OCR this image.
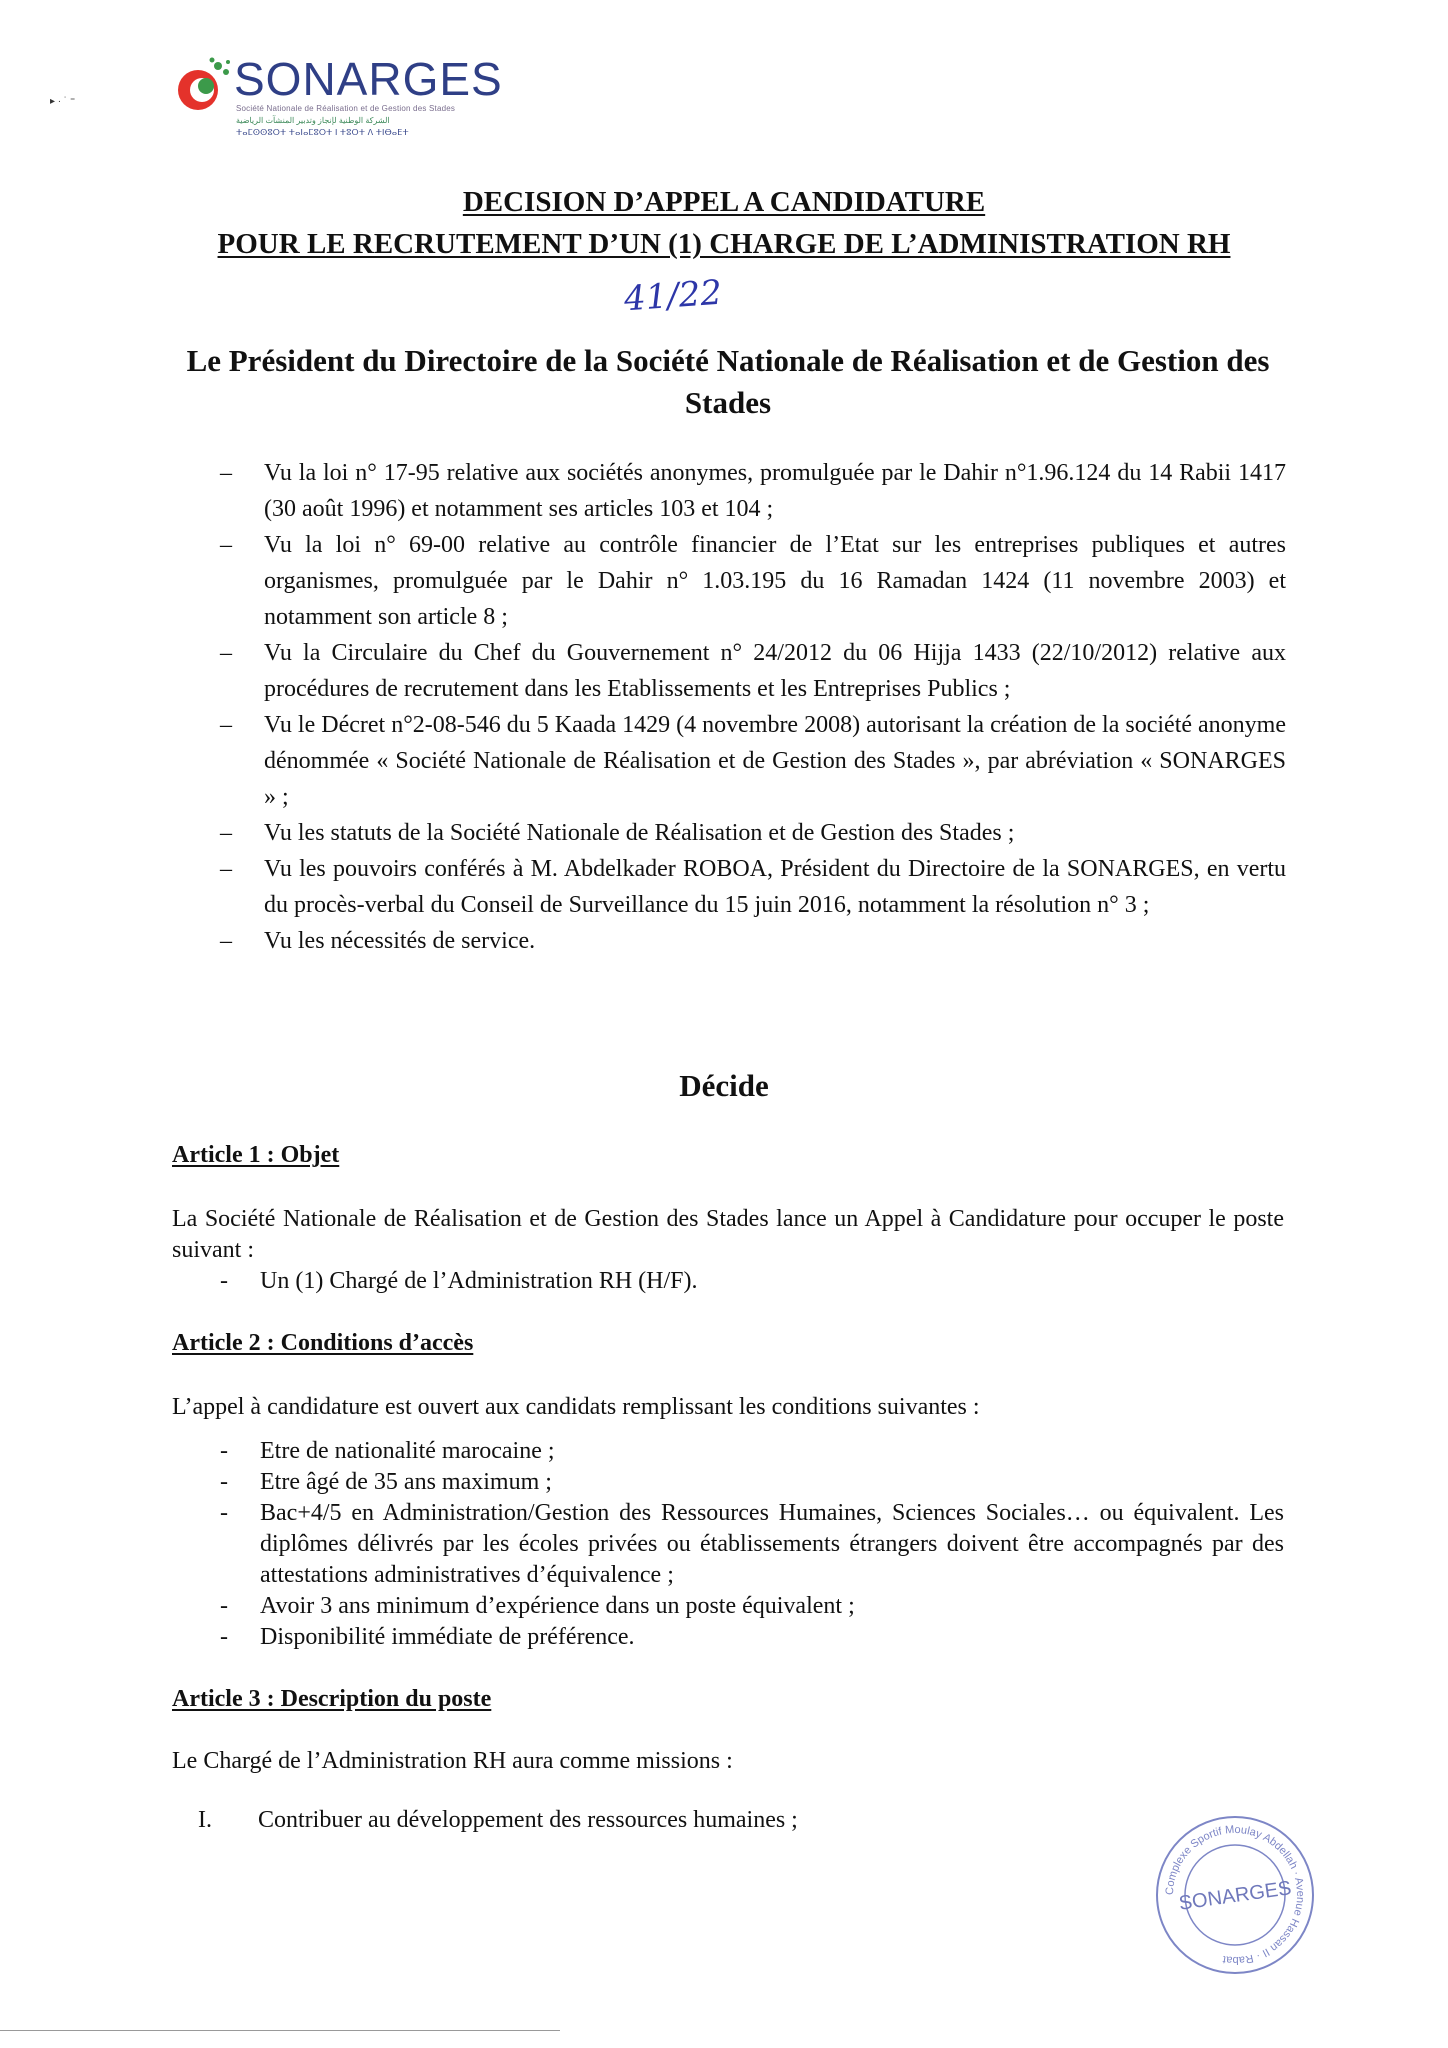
SONARGES
Société Nationale de Réalisation et de Gestion des Stades
الشركة الوطنية لإنجاز وتدبير المنشآت الرياضية
ⵜⴰⵎⵙⵙⵓⵔⵜ ⵜⴰⵏⴰⵎⵓⵔⵜ ⵏ ⵜⵓⵔⵜ ⴷ ⵜⵏⴱⴰⴹⵜ
▸ · ˙ ⁼
DECISION D’APPEL A CANDIDATURE
POUR LE RECRUTEMENT D’UN (1) CHARGE DE L’ADMINISTRATION RH
41/22
Le Président du Directoire de la Société Nationale de Réalisation et de Gestion des Stades
– Vu la loi n° 17-95 relative aux sociétés anonymes, promulguée par le Dahir n°1.96.124 du 14 Rabii 1417 (30 août 1996) et notamment ses articles 103 et 104 ;
– Vu la loi n° 69-00 relative au contrôle financier de l’Etat sur les entreprises publiques et autres organismes, promulguée par le Dahir n° 1.03.195 du 16 Ramadan 1424 (11 novembre 2003) et notamment son article 8 ;
– Vu la Circulaire du Chef du Gouvernement n° 24/2012 du 06 Hijja 1433 (22/10/2012) relative aux procédures de recrutement dans les Etablissements et les Entreprises Publics ;
– Vu le Décret n°2-08-546 du 5 Kaada 1429 (4 novembre 2008) autorisant la création de la société anonyme dénommée « Société Nationale de Réalisation et de Gestion des Stades », par abréviation « SONARGES » ;
– Vu les statuts de la Société Nationale de Réalisation et de Gestion des Stades ;
– Vu les pouvoirs conférés à M. Abdelkader ROBOA, Président du Directoire de la SONARGES, en vertu du procès-verbal du Conseil de Surveillance du 15 juin 2016, notamment la résolution n° 3 ;
– Vu les nécessités de service.
Décide
Article 1 : Objet
La Société Nationale de Réalisation et de Gestion des Stades lance un Appel à Candidature pour occuper le poste suivant :
- Un (1) Chargé de l’Administration RH (H/F).
Article 2 : Conditions d’accès
L’appel à candidature est ouvert aux candidats remplissant les conditions suivantes :
- Etre de nationalité marocaine ;
- Etre âgé de 35 ans maximum ;
- Bac+4/5 en Administration/Gestion des Ressources Humaines, Sciences Sociales… ou équivalent. Les diplômes délivrés par les écoles privées ou établissements étrangers doivent être accompagnés par des attestations administratives d’équivalence ;
- Avoir 3 ans minimum d’expérience dans un poste équivalent ;
- Disponibilité immédiate de préférence.
Article 3 : Description du poste
Le Chargé de l’Administration RH aura comme missions :
I. Contribuer au développement des ressources humaines ;
Complexe Sportif Moulay Abdellah · Avenue Hassan II · Rabat
SONARGES
